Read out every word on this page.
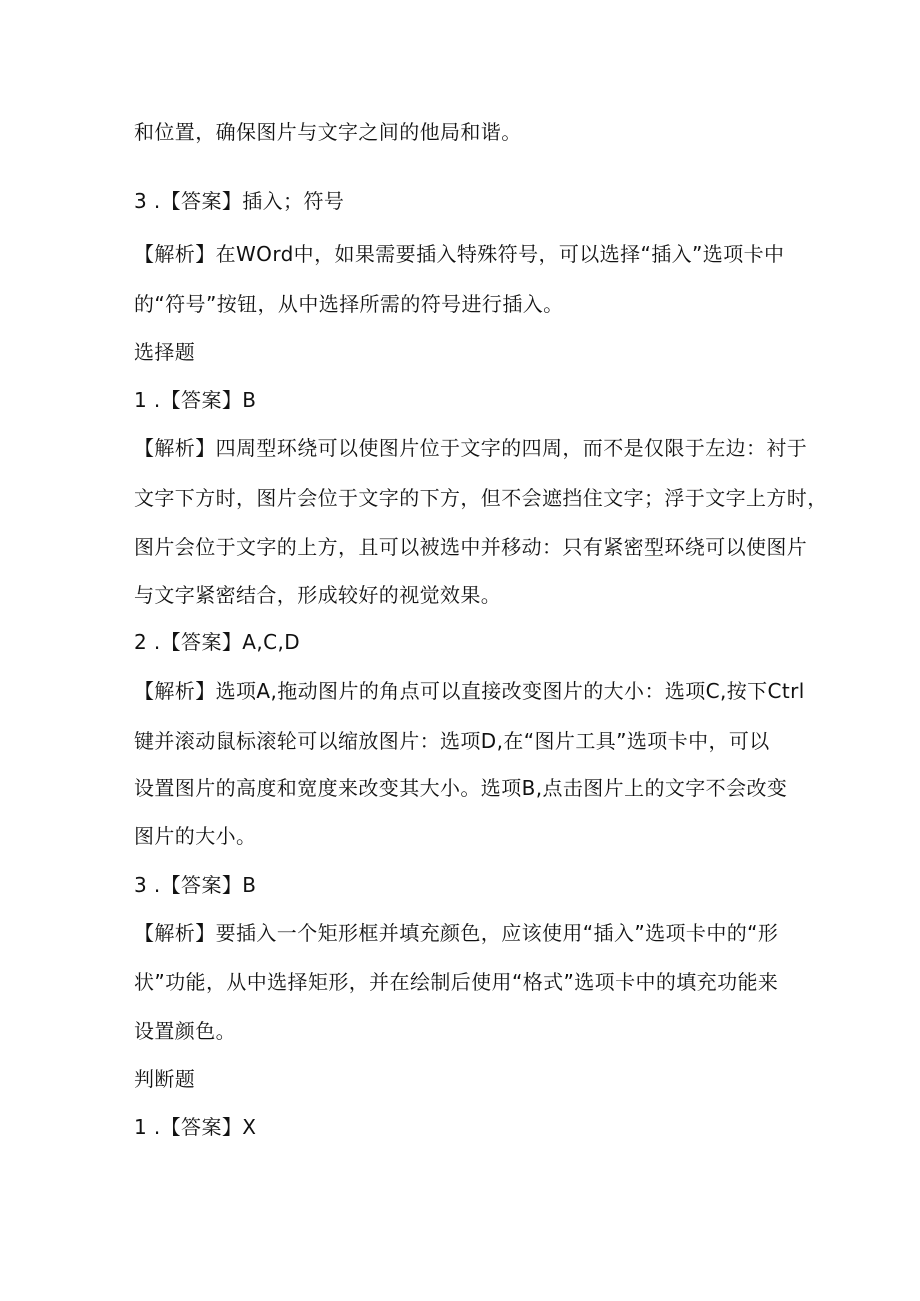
和位置，确保图片与文字之间的他局和谐。
3 .【答案】插入；符号
【解析】在WOrd中，如果需要插入特殊符号，可以选择“插入”选项卡中
的“符号”按钮，从中选择所需的符号进行插入。
选择题
1 .【答案】B
【解析】四周型环绕可以使图片位于文字的四周，而不是仅限于左边：衬于
文字下方时，图片会位于文字的下方，但不会遮挡住文字；浮于文字上方时，
图片会位于文字的上方，且可以被选中并移动：只有紧密型环绕可以使图片
与文字紧密结合，形成较好的视觉效果。
2 .【答案】A,C,D
【解析】选项A,拖动图片的角点可以直接改变图片的大小：选项C,按下Ctrl
键并滚动鼠标滚轮可以缩放图片：选项D,在“图片工具”选项卡中，可以
设置图片的高度和宽度来改变其大小。选项B,点击图片上的文字不会改变
图片的大小。
3 .【答案】B
【解析】要插入一个矩形框并填充颜色，应该使用“插入”选项卡中的“形
状”功能，从中选择矩形，并在绘制后使用“格式”选项卡中的填充功能来
设置颜色。
判断题
1 .【答案】X
